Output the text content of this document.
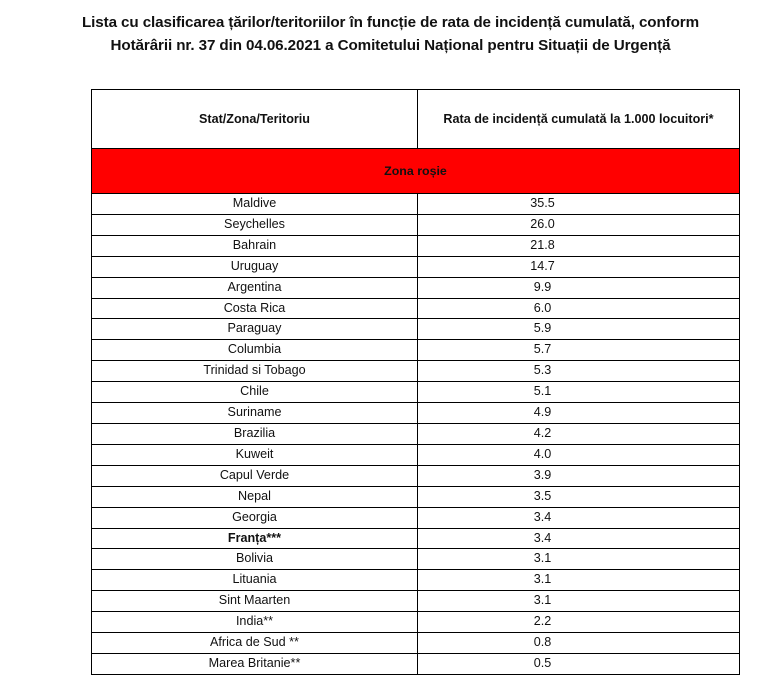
Lista cu clasificarea țărilor/teritoriilor în funcție de rata de incidență cumulată, conform Hotărârii nr. 37 din 04.06.2021 a Comitetului Național pentru Situații de Urgență
Stat/Zona/Teritoriu	Rata de incidență cumulată la 1.000 locuitori*
Zona roșie	
Maldive	35.5
Seychelles	26.0
Bahrain	21.8
Uruguay	14.7
Argentina	9.9
Costa Rica	6.0
Paraguay	5.9
Columbia	5.7
Trinidad si Tobago	5.3
Chile	5.1
Suriname	4.9
Brazilia	4.2
Kuweit	4.0
Capul Verde	3.9
Nepal	3.5
Georgia	3.4
Franța***	3.4
Bolivia	3.1
Lituania	3.1
Sint Maarten	3.1
India**	2.2
Africa de Sud **	0.8
Marea Britanie**	0.5
